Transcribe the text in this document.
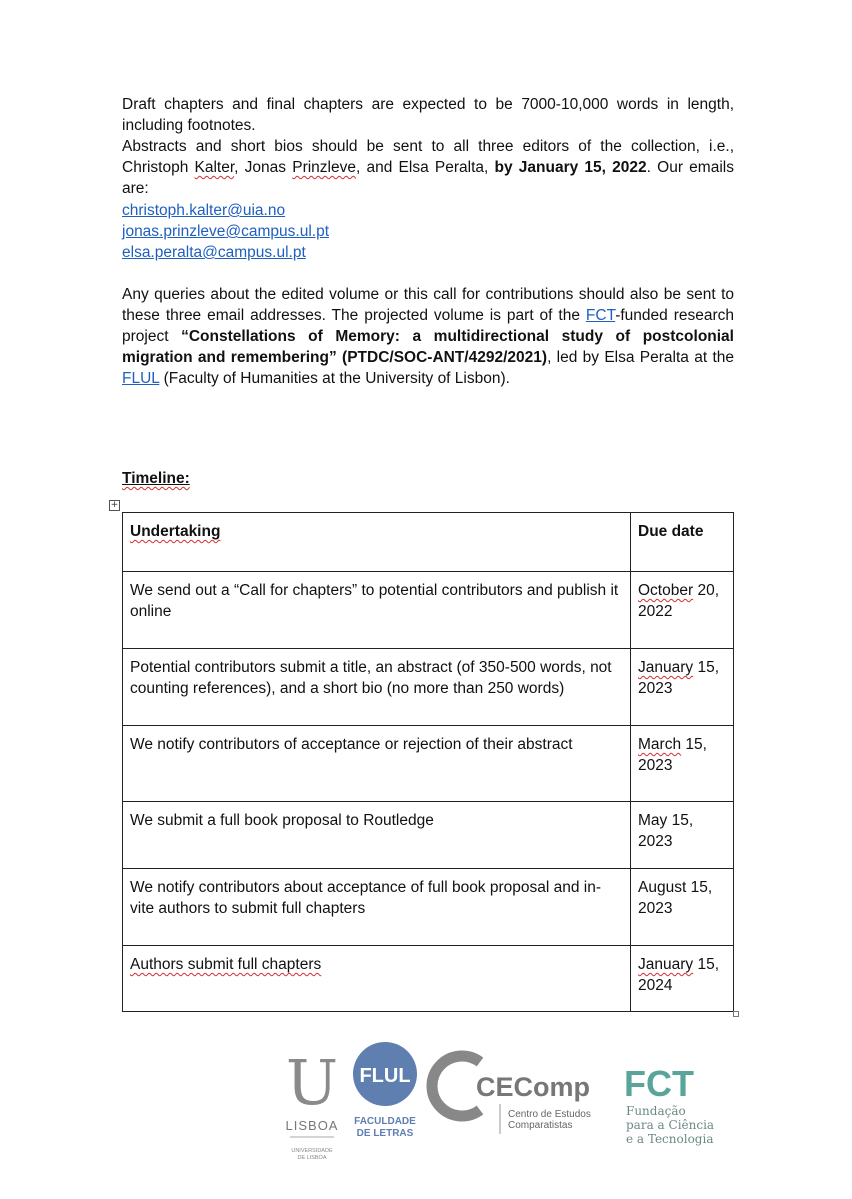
Draft chapters and final chapters are expected to be 7000-10,000 words in length, including footnotes.

Abstracts and short bios should be sent to all three editors of the collection, i.e., Christoph Kalter, Jonas Prinzleve, and Elsa Peralta, by January 15, 2022. Our emails are:

christoph.kalter@uia.no
jonas.prinzleve@campus.ul.pt
elsa.peralta@campus.ul.pt

Any queries about the edited volume or this call for contributions should also be sent to these three email addresses. The projected volume is part of the FCT-funded research project “Constellations of Memory: a multidirectional study of postcolonial migration and remembering” (PTDC/SOC-ANT/4292/2021), led by Elsa Peralta at the FLUL (Faculty of Humanities at the University of Lisbon).

Timeline:
+
Undertaking	Due date
We send out a “Call for chapters” to potential contributors and publish it online	October 20, 2022
Potential contributors submit a title, an abstract (of 350-500 words, not counting references), and a short bio (no more than 250 words)	January 15, 2023
We notify contributors of acceptance or rejection of their abstract	March 15, 2023
We submit a full book proposal to Routledge	May 15, 2023
We notify contributors about acceptance of full book proposal and in-vite authors to submit full chapters	August 15, 2023
Authors submit full chapters	January 15, 2024
U
LISBOA
UNIVERSIDADE
DE LISBOA
FLUL
FACULDADE
DE LETRAS
CEComp
Centro de Estudos
Comparatistas
FCT
Fundação
para a Ciência
e a Tecnologia
